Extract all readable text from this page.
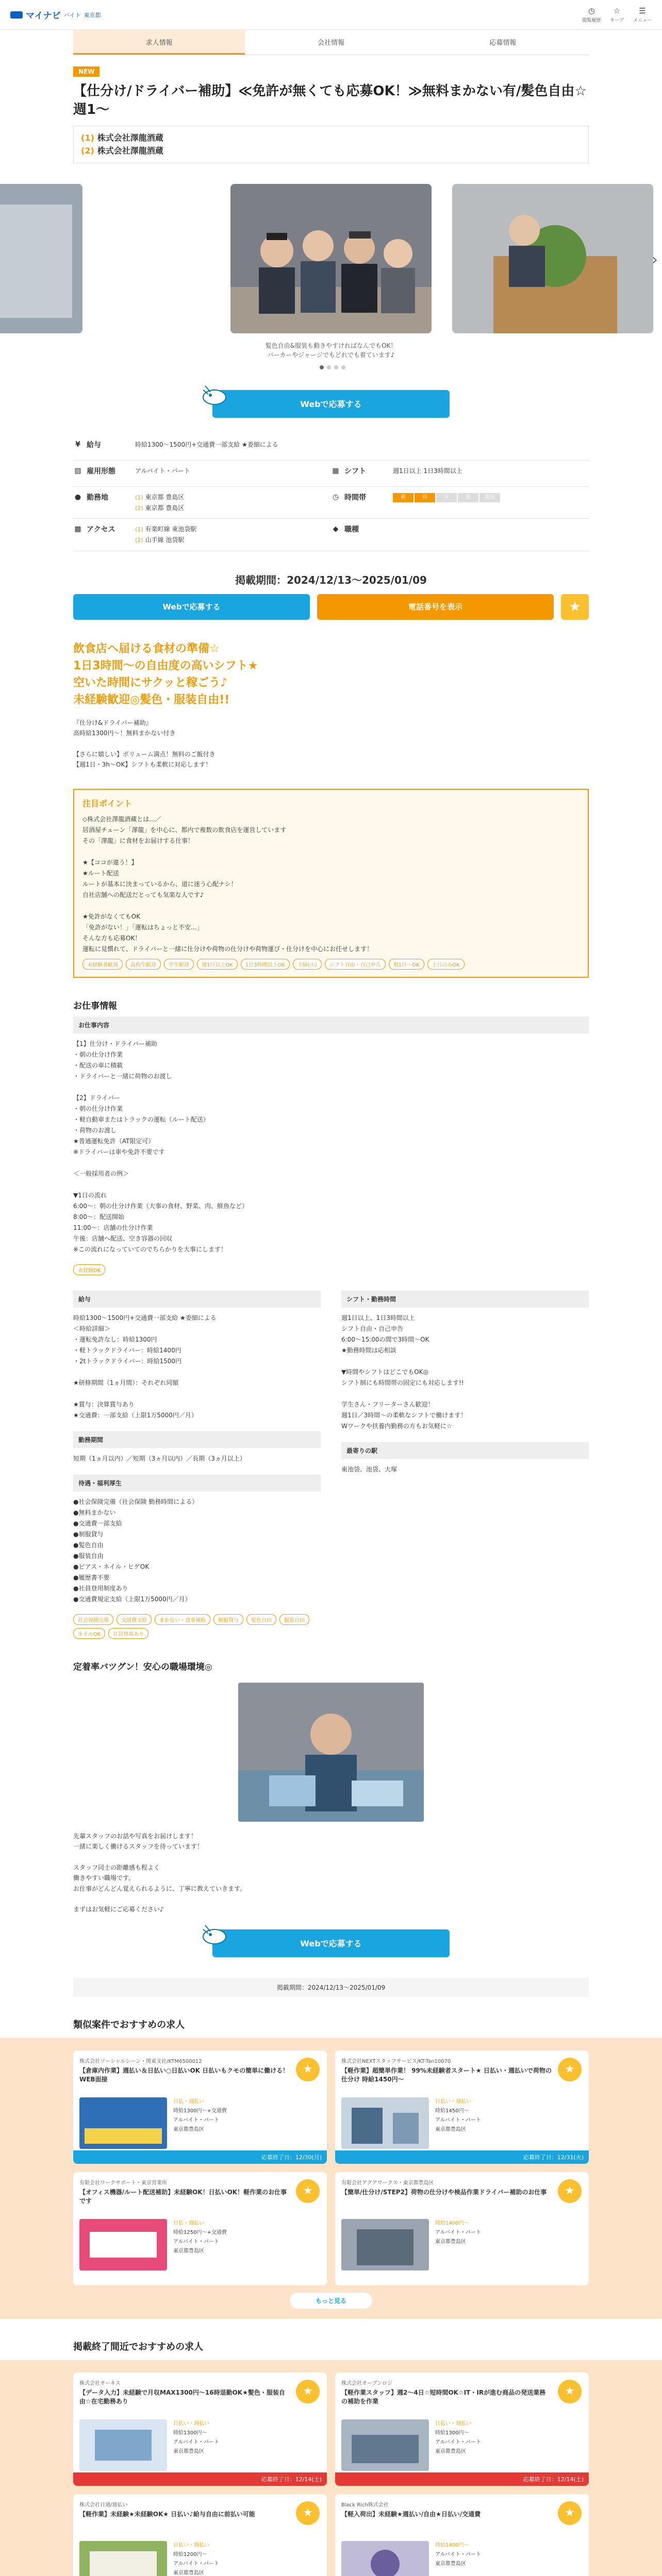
マイナビ バイト 東京都	◷
閲覧履歴
☆
キープ
☰
メニュー
求人情報	会社情報	応募情報
NEW
【仕分け/ドライバー補助】≪免許が無くても応募OK！≫無料まかない有/髪色自由☆週1～
(1) 株式会社澤龍酒蔵
(2) 株式会社澤龍酒蔵
›
髪色自由&服装も動きやすければなんでもOK！
バーカーやジャージでもどれでも着ています♪
Webで応募する
¥ 給与	時給1300～1500円+交通費一部支給 ★委細による
▧ 雇用形態	アルバイト・パート	▦ シフト	週1日以上 1日3時間以上
● 勤務地	(1) 東京都 豊島区
(2) 東京都 豊島区
◷ 時間帯	朝	昼	夕	夜	深夜
▩ アクセス	(1) 有楽町線 東池袋駅
(2) 山手線 池袋駅
◆ 職種
掲載期間：2024/12/13～2025/01/09
Webで応募する	電話番号を表示	★
飲食店へ届ける食材の準備☆
1日3時間～の自由度の高いシフト★
空いた時間にサクッと稼ごう♪
未経験歓迎◎髪色・服装自由!!
『仕分け&ドライバー補助』
高時給1300円～！無料まかない付き

【さらに嬉しい】ボリューム満点！無料のご飯付き
【週1日・3h～OK】シフトも柔軟に対応します！
注目ポイント
◇株式会社澤龍酒蔵とは...／
居酒屋チェーン「澤龍」を中心に、都内で複数の飲食店を運営しています
その「澤龍」に食材をお届けする仕事！

★【ココが違う！】
★ルート配送
ルートが基本に決まっているから、道に迷う心配ナシ！
自社店舗への配送だとっても気楽な人です♪

★免許がなくてもOK
「免許がない！」「運転はちょっと不安...」
そんな方も応募OK！
運転に見慣れて、ドライバーと一緒に仕分けや荷物の仕分けや荷物運び・仕分けを中心にお任せします！
未経験者歓迎	高校生歓迎	学生歓迎	週1日以上OK	1日3時間以上OK	主婦(夫)	シフト自由・自己申告	週1日～OK	土日のみOK
お仕事情報
お仕事内容
【1】仕分け・ドライバー補助
・朝の仕分け作業
・配送の車に積載
・ドライバーと一緒に荷物のお渡し

【2】ドライバー
・朝の仕分け作業
・軽自動車またはトラックの運転（ルート配送）
・荷物のお渡し
★普通運転免許（AT限定可）
※ドライバーは車や免許不要です

＜一般採用者の例＞

▼1日の流れ
6:00～：朝の仕分け作業（大事の食材、野菜、肉、鮮魚など）
8:00～：配送開始
11:00～：店舗の仕分け作業
午後：店舗へ配送、空き容器の回収
※この流れになっていてのでちらかりを大事にします！
未経験OK
給与
時給1300～1500円+交通費一部支給 ★委細による
＜時給詳細＞
・運転免許なし：時給1300円
・軽トラックドライバー：時給1400円
・2tトラックドライバー：時給1500円

★研修期間（1ヵ月間）：それぞれ同額

★賞与：決算賞与あり
★交通費：一部支給（上限1万5000円／月）
勤務期間
短期（1ヵ月以内）／短期（3ヵ月以内）／長期（3ヵ月以上）
待遇・福利厚生
●社会保険完備（社会保険 勤務時間による）
●無料まかない
●交通費一部支給
●制服貸与
●髪色自由
●服装自由
●ピアス・ネイル・ヒゲOK
●履歴書不要
●社員登用制度あり
●交通費規定支給（上限1万5000円／月）
社会保険完備	交通費支給	まかない・食事補助	制服貸与	髪色自由	服装自由
ネイルOK	社員登用あり
シフト・勤務時間
週1日以上、1日3時間以上
シフト自由・自己申告
6:00～15:00の間で3時間～OK
★勤務時間は応相談

▼時間やシフトはどこでもOK◎
シフト制にも時間帯の固定にも対応します!!

学生さん・フリーターさん歓迎！
週1日／3時間～の柔軟なシフトで働けます！
Wワークや扶養内勤務の方もお気軽に☆
最寄りの駅
東池袋、池袋、大塚
定着率バツグン！安心の職場環境◎
先輩スタッフのお話や写真をお届けします！
一緒に楽しく働けるスタッフを待っています！

スタッフ同士の距離感も程よく
働きやすい職場です。
お仕事がどんどん覚えられるように、丁寧に教えていきます。

まずはお気軽にご応募ください♪
Webで応募する
掲載期間：2024/12/13～2025/01/09
類似案件でおすすめの求人
株式会社ソーシャルシーン・関東支社/KTM6500012
【倉庫内作業】週払い＆日払い○日払いOK 日払いもクモの簡単に働ける！WEB面接
★
日払・週払い
時給1300円～+交通費
アルバイト・パート
東京都豊島区
応募終了日：12/30(月)
株式会社NEXTスタッフサービス/KT-Tan10070
【軽作業】超簡単作業！ 99%未経験者スタート★ 日払い・週払いで荷物の仕分け 時給1450円～
★
日払い・週払い
時給1450円～
アルバイト・パート
東京都豊島区
応募終了日：12/31(火)
有限会社ワークサポート・東京営業所
【オフィス機器/ルート配送補助】未経験OK！日払いOK！軽作業のお仕事です
★
日払・週払い
時給1250円～+交通費
アルバイト・パート
東京都豊島区
有限会社アクアワークス・東京都豊島区
【簡単/仕分け/STEP2】荷物の仕分けや検品作業ドライバー補助のお仕事	★
時給1400円～
アルバイト・パート
東京都豊島区
もっと見る
掲載終了間近でおすすめの求人
株式会社オーキス
【データ入力】未経験で月収MAX1300円～16時退勤OK★髪色・服装自由☆在宅勤務あり
★
日払い・週払い
時給1300円～
アルバイト・パート
東京都豊島区
応募終了日：12/14(土)
株式会社オープンロジ
【軽作業スタッフ】週2～4日☆短時間OK☆IT・IRが進む商品の発送業務の補助を作業
★
日払い・週払い
時給1300円～
アルバイト・パート
東京都豊島区
応募終了日：12/14(土)
株式会社日通/週払い
【軽作業】未経験★未経験OK★ 日払い♪給与自由に前払い可能	★
日払い・週払い
時給1200円～
アルバイト・パート
東京都豊島区
Black Rich株式会社
【軽入荷出】未経験★週払い/自由★日払い/交通費	★
時給1400円～
アルバイト・パート
東京都豊島区
